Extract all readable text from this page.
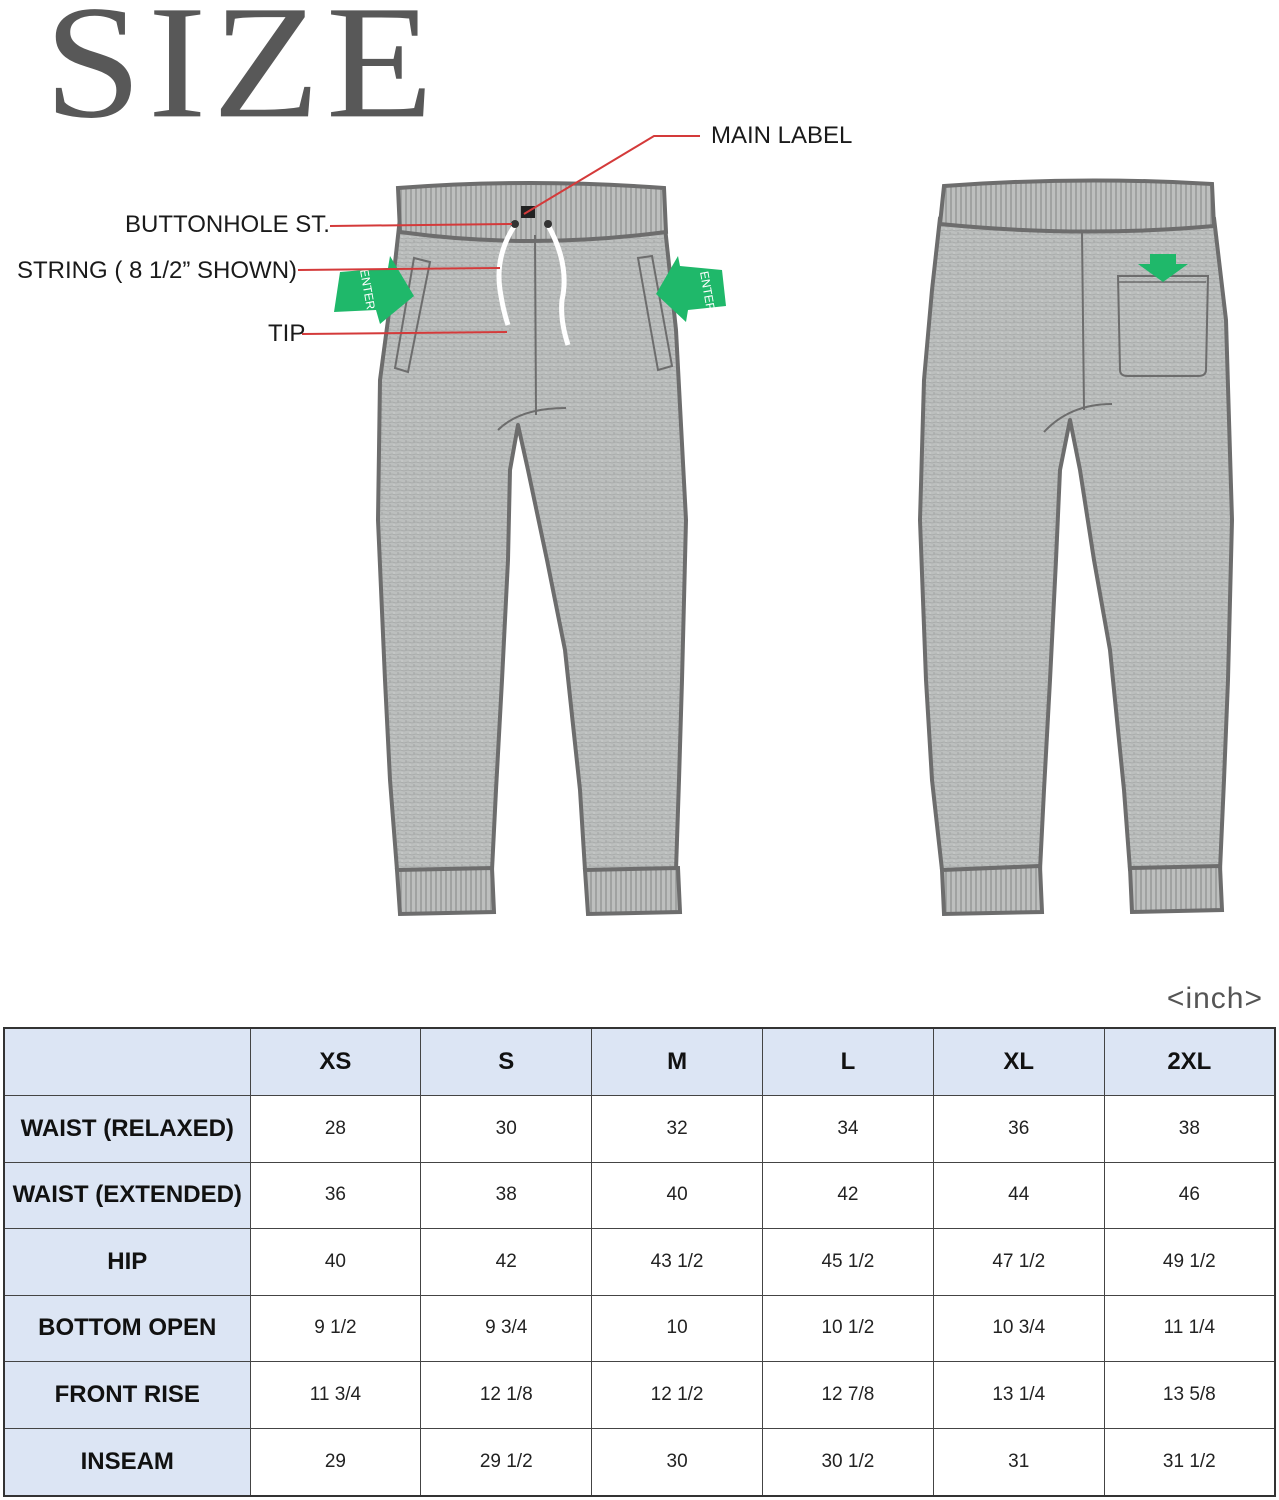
SIZE
ENTER	ENTER
MAIN LABEL
BUTTONHOLE ST.
STRING ( 8 1/2” SHOWN)
TIP
<inch>
	XS	S	M	L	XL	2XL
WAIST (RELAXED)	28	30	32	34	36	38
WAIST (EXTENDED)	36	38	40	42	44	46
HIP	40	42	43 1/2	45 1/2	47 1/2	49 1/2
BOTTOM OPEN	9 1/2	9 3/4	10	10 1/2	10 3/4	11 1/4
FRONT RISE	11 3/4	12 1/8	12 1/2	12 7/8	13 1/4	13 5/8
INSEAM	29	29 1/2	30	30 1/2	31	31 1/2
